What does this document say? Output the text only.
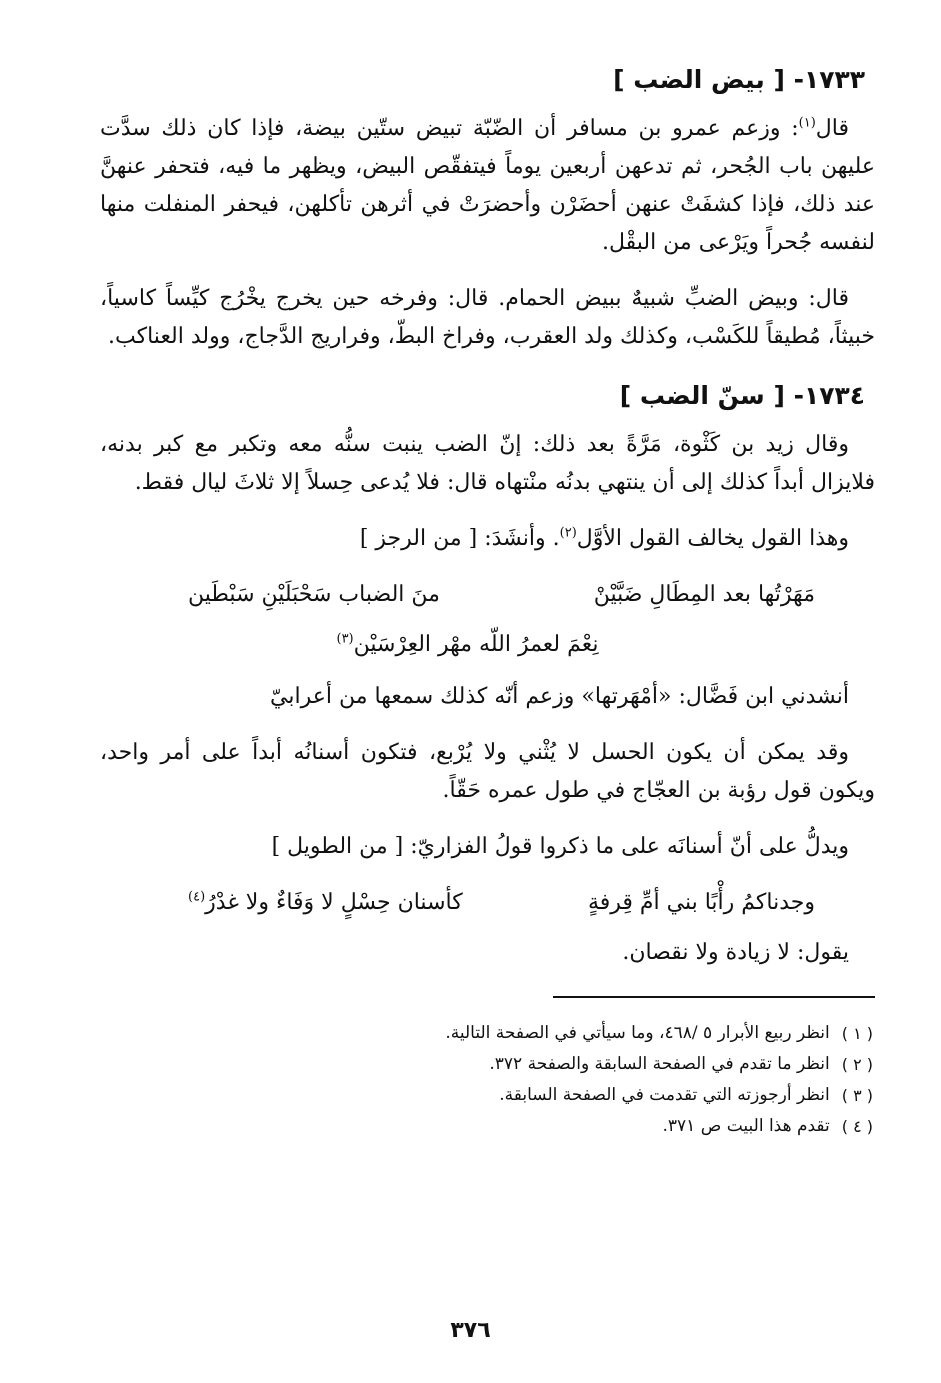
١٧٣٣- [ بيض الضب ]

قال$^{(١)}$: وزعم عمرو بن مسافر أن الضّبّة تبيض ستّين بيضة، فإذا كان ذلك سدَّت عليهن باب الجُحر، ثم تدعهن أربعين يوماً فيتفقّص البيض، ويظهر ما فيه، فتحفر عنهنَّ عند ذلك، فإذا كشفَتْ عنهن أحضَرْن وأحضرَتْ في أثرهن تأكلهن، فيحفر المنفلت منها لنفسه جُحراً ويَرْعى من البقْل.

قال: وبيض الضبِّ شبيهٌ ببيض الحمام. قال: وفرخه حين يخرج يخْرُج كيِّساً كاسياً، خبيثاً، مُطيقاً للكَسْب، وكذلك ولد العقرب، وفراخ البطّ، وفراريج الدَّجاج، وولد العناكب.

١٧٣٤- [ سنّ الضب ]

وقال زيد بن كَثْوة، مَرَّةً بعد ذلك: إنّ الضب ينبت سنُّه معه وتكبر مع كبر بدنه، فلايزال أبداً كذلك إلى أن ينتهي بدنُه منْتهاه قال: فلا يُدعى حِسلاً إلا ثلاثَ ليال فقط.

وهذا القول يخالف القول الأوَّل$^{(٢)}$. وأنشَدَ: [ من الرجز ]

مَهَرْتُها بعد المِطَالِ ضَبَّيْنْ
منَ الضباب سَحْبَلَيْنِ سَبْطَين
نِعْمَ لعمرُ اللّه مهْر العِرْسَيْن$^{(٣)}$

أنشدني ابن فَضَّال: «أمْهَرتها» وزعم أنّه كذلك سمعها من أعرابيّ

وقد يمكن أن يكون الحسل لا يُثْني ولا يُرْبع، فتكون أسنانُه أبداً على أمر واحد، ويكون قول رؤبة بن العجّاج في طول عمره حَقّاً.

ويدلُّ على أنّ أسنانَه على ما ذكروا قولُ الفزاريّ: [ من الطويل ]

وجدناكمُ رأْبًا بني أمِّ قِرفةٍ
كأسنان حِسْلٍ لا وَفَاءٌ ولا غدْرُ$^{(٤)}$

يقول: لا زيادة ولا نقصان.

( ١ )
انظر ربيع الأبرار ٥ /٤٦٨، وما سيأتي في الصفحة التالية.
( ٢ )
انظر ما تقدم في الصفحة السابقة والصفحة ٣٧٢.
( ٣ )
انظر أرجوزته التي تقدمت في الصفحة السابقة.
( ٤ )
تقدم هذا البيت ص ٣٧١.
٣٧٦
